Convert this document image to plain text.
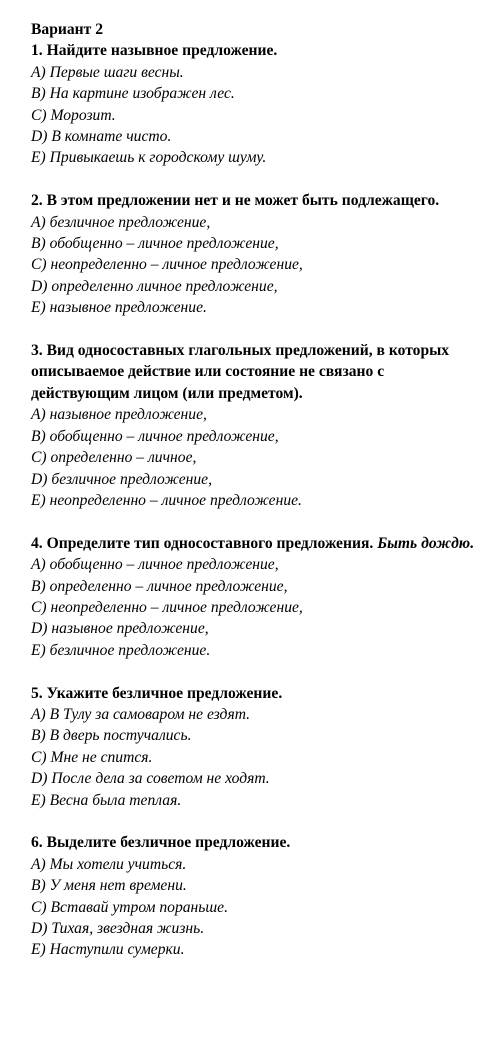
Вариант 2
1. Найдите назывное предложение.
A) Первые шаги весны.
B) На картине изображен лес.
C) Морозит.
D) В комнате чисто.
E) Привыкаешь к городскому шуму.
2. В этом предложении нет и не может быть подлежащего.
A) безличное предложение,
B) обобщенно – личное предложение,
C) неопределенно – личное предложение,
D) определенно личное предложение,
E) назывное предложение.
3. Вид односоставных глагольных предложений, в которых
описываемое действие или состояние не связано с
действующим лицом (или предметом).
A) назывное предложение,
B) обобщенно – личное предложение,
C) определенно – личное,
D) безличное предложение,
E) неопределенно – личное предложение.
4. Определите тип односоставного предложения. Быть дождю.
A) обобщенно – личное предложение,
B) определенно – личное предложение,
C) неопределенно – личное предложение,
D) назывное предложение,
E) безличное предложение.
5. Укажите безличное предложение.
A) В Тулу за самоваром не ездят.
B) В дверь постучались.
C) Мне не спится.
D) После дела за советом не ходят.
E) Весна была теплая.
6. Выделите безличное предложение.
A) Мы хотели учиться.
B) У меня нет времени.
C) Вставай утром пораньше.
D) Тихая, звездная жизнь.
E) Наступили сумерки.
